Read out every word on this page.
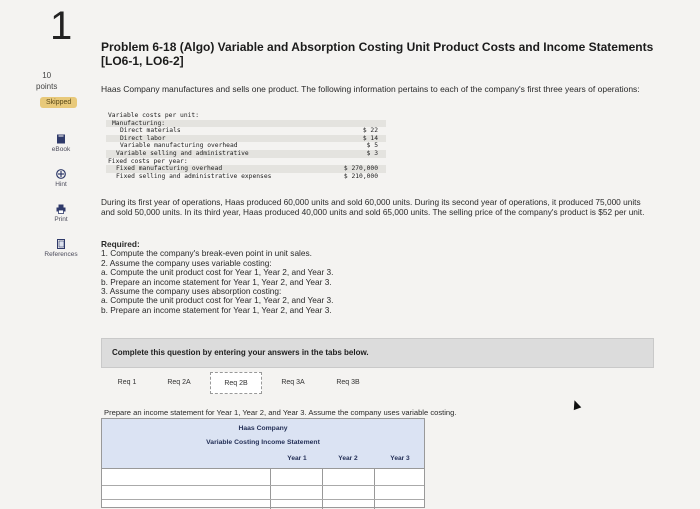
1
10
points
Skipped
eBook
Hint
Print
References
Problem 6-18 (Algo) Variable and Absorption Costing Unit Product Costs and Income Statements [LO6-1, LO6-2]
Haas Company manufactures and sells one product. The following information pertains to each of the company's first three years of operations:
Variable costs per unit:
Manufacturing:
Direct materials	$ 22
Direct labor	$ 14
Variable manufacturing overhead	$ 5
Variable selling and administrative	$ 3
Fixed costs per year:
Fixed manufacturing overhead	$ 270,000
Fixed selling and administrative expenses	$ 210,000
During its first year of operations, Haas produced 60,000 units and sold 60,000 units. During its second year of operations, it produced 75,000 units and sold 50,000 units. In its third year, Haas produced 40,000 units and sold 65,000 units. The selling price of the company's product is $52 per unit.
Required:
1. Compute the company's break-even point in unit sales.
2. Assume the company uses variable costing:
a. Compute the unit product cost for Year 1, Year 2, and Year 3.
b. Prepare an income statement for Year 1, Year 2, and Year 3.
3. Assume the company uses absorption costing:
a. Compute the unit product cost for Year 1, Year 2, and Year 3.
b. Prepare an income statement for Year 1, Year 2, and Year 3.
Complete this question by entering your answers in the tabs below.
Req 1	Req 2A	Req 2B	Req 3A	Req 3B
Prepare an income statement for Year 1, Year 2, and Year 3. Assume the company uses variable costing.
Haas Company
Variable Costing Income Statement
Year 1	Year 2	Year 3
